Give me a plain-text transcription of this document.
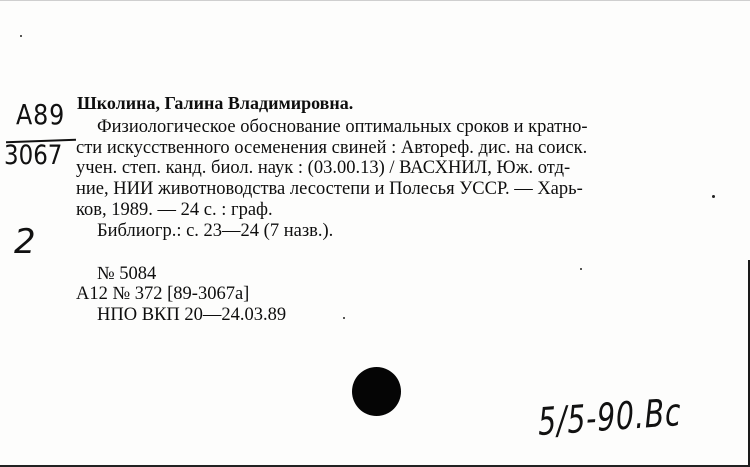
А89
3067
2
Школина, Галина Владимировна.
Физиологическое обоснование оптимальных сроков и кратно-
сти искусственного осеменения свиней : Автореф. дис. на соиск.
учен. степ. канд. биол. наук : (03.00.13) / ВАСХНИЛ, Юж. отд-
ние, НИИ животноводства лесостепи и Полесья УССР. — Харь-
ков, 1989. — 24 с. : граф.
Библиогр.: с. 23—24 (7 назв.).
№ 5084
А12 № 372 [89-3067а]
НПО ВКП 20—24.03.89
5/5-90.Вс
